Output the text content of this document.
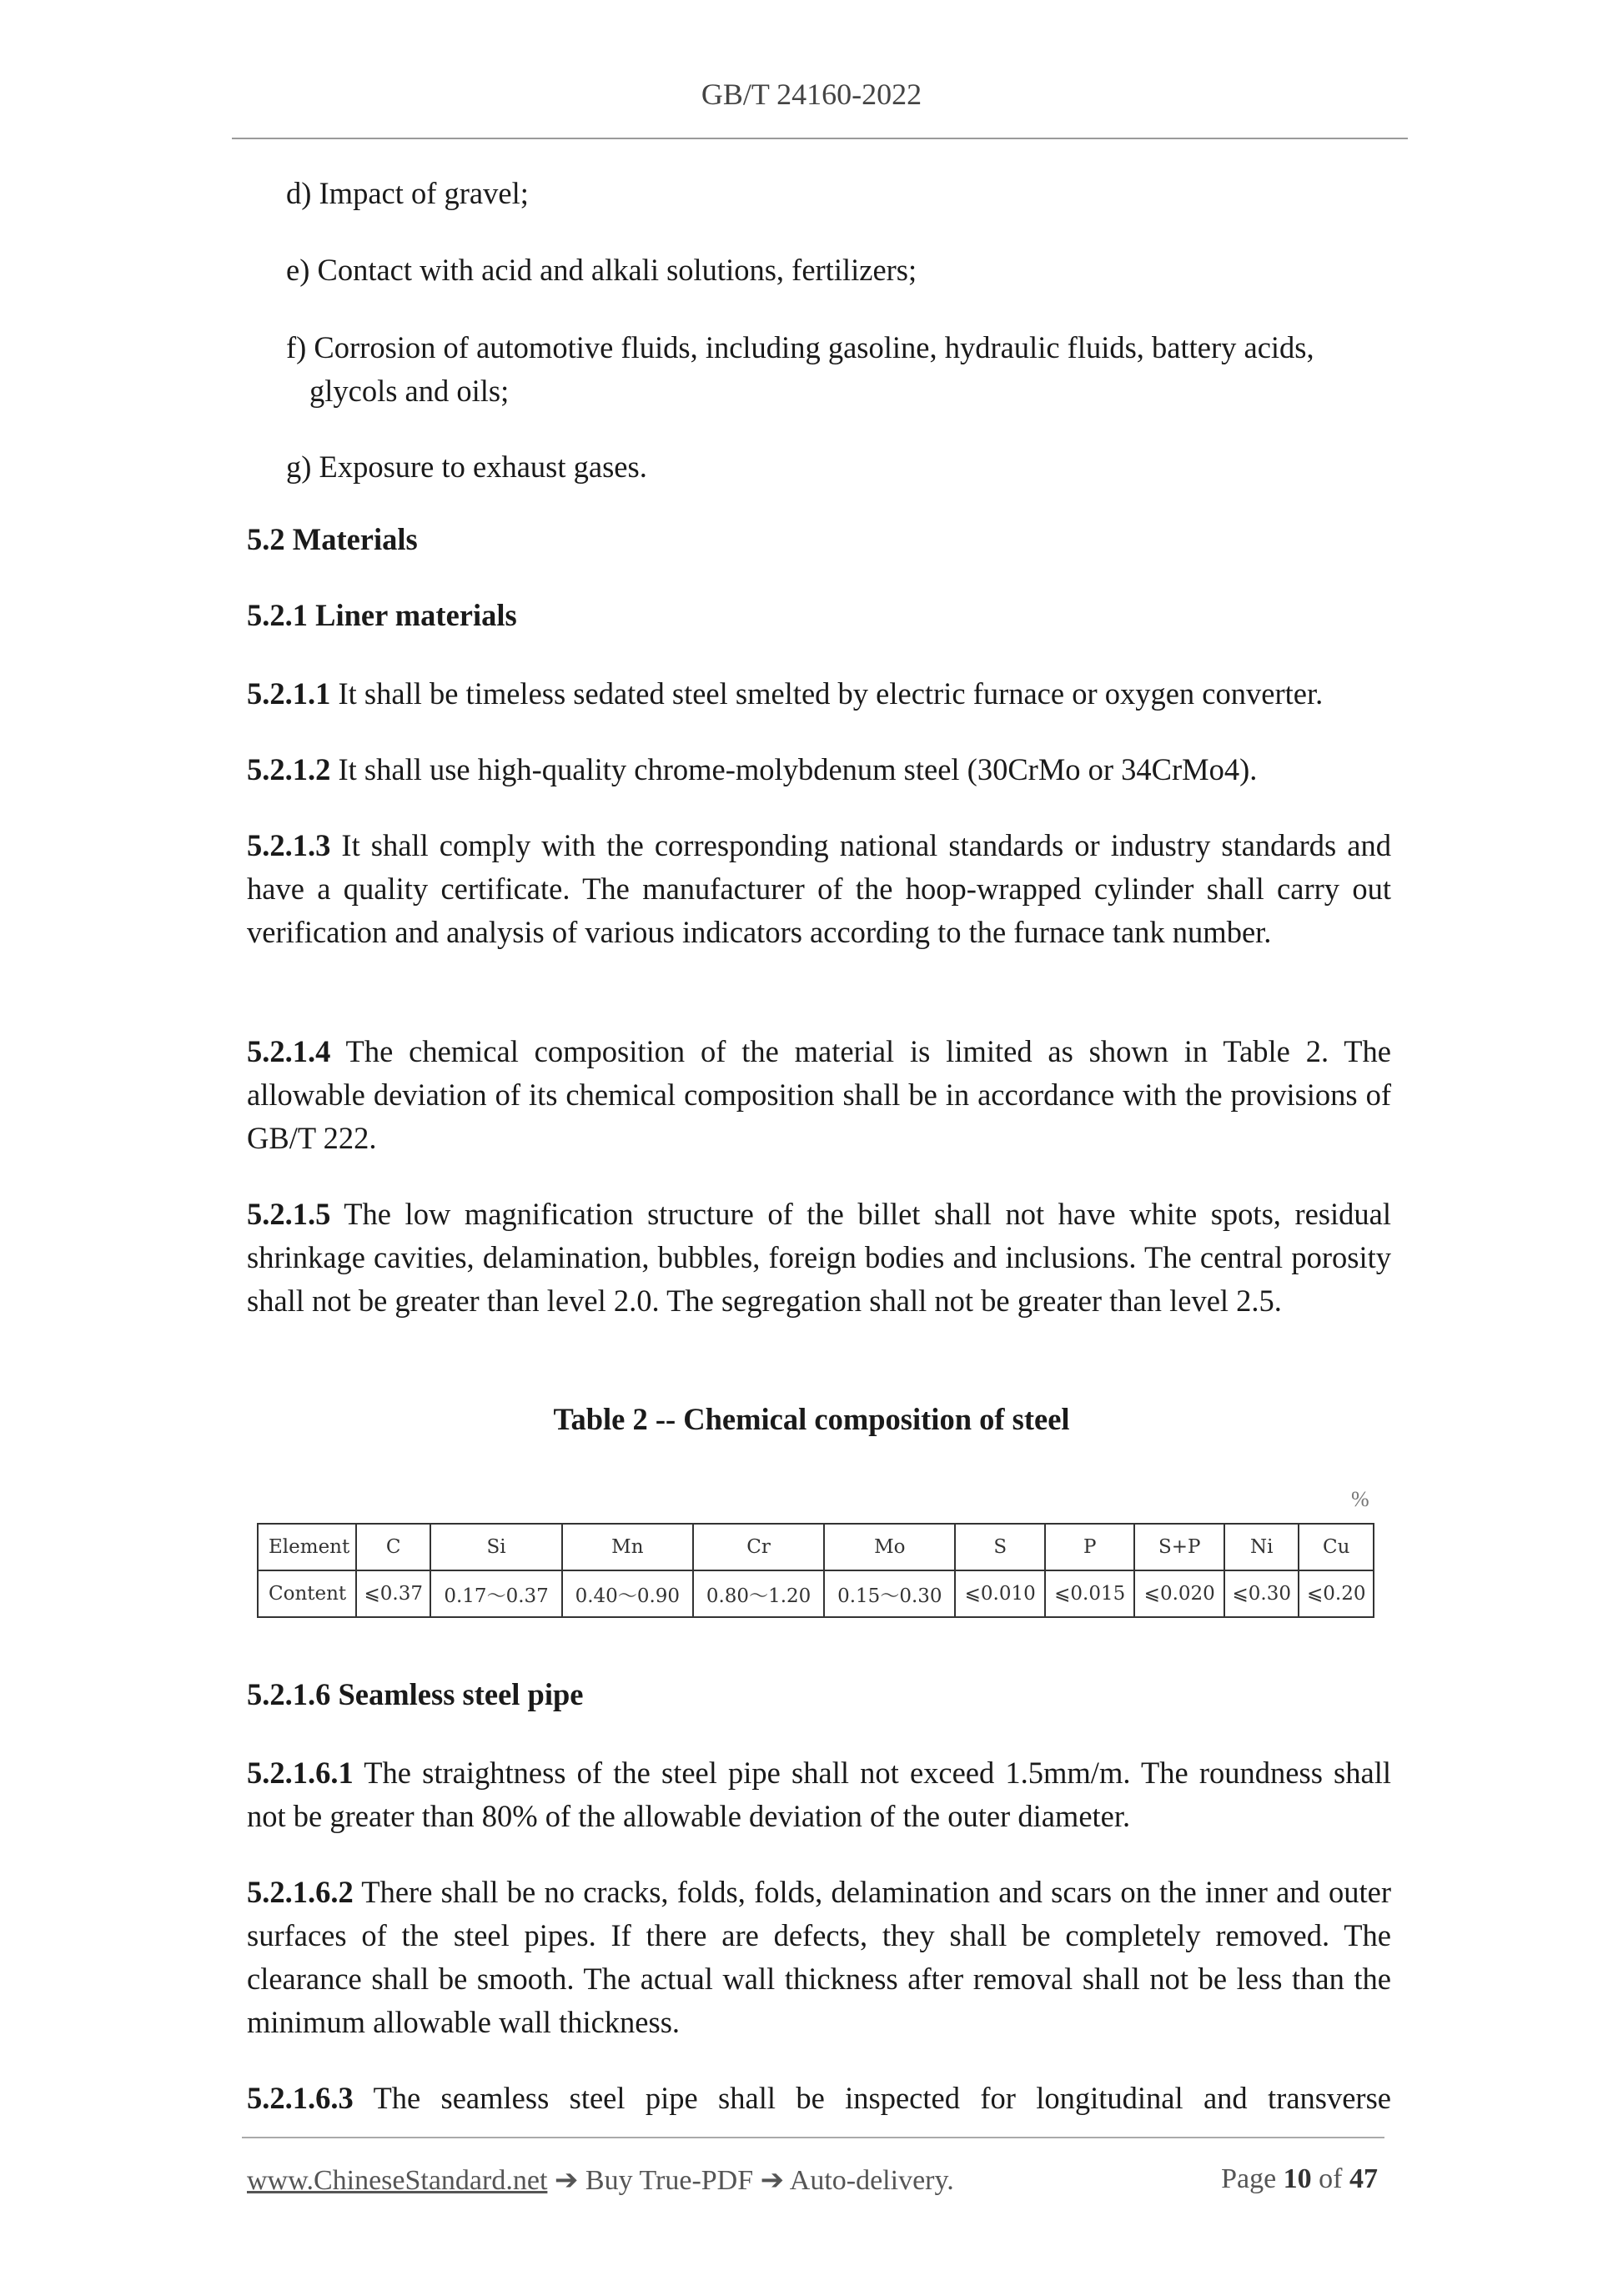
GB/T 24160-2022
d) Impact of gravel;
e) Contact with acid and alkali solutions, fertilizers;
f) Corrosion of automotive fluids, including gasoline, hydraulic fluids, battery acids,
glycols and oils;
g) Exposure to exhaust gases.
5.2 Materials
5.2.1 Liner materials

5.2.1.1 It shall be timeless sedated steel smelted by electric furnace or oxygen converter.

5.2.1.2 It shall use high-quality chrome-molybdenum steel (30CrMo or 34CrMo4).

5.2.1.3 It shall comply with the corresponding national standards or industry standards and have a quality certificate. The manufacturer of the hoop-wrapped cylinder shall carry out verification and analysis of various indicators according to the furnace tank number.

5.2.1.4 The chemical composition of the material is limited as shown in Table 2. The allowable deviation of its chemical composition shall be in accordance with the provisions of GB/T 222.

5.2.1.5 The low magnification structure of the billet shall not have white spots, residual shrinkage cavities, delamination, bubbles, foreign bodies and inclusions. The central porosity shall not be greater than level 2.0. The segregation shall not be greater than level 2.5.

Table 2 -- Chemical composition of steel
%
Element	C	Si	Mn	Cr	Mo	S	P	S+P	Ni	Cu
Content	⩽0.37	0.17～0.37	0.40～0.90	0.80～1.20	0.15～0.30	⩽0.010	⩽0.015	⩽0.020	⩽0.30	⩽0.20
5.2.1.6 Seamless steel pipe

5.2.1.6.1 The straightness of the steel pipe shall not exceed 1.5mm/m. The roundness shall not be greater than 80% of the allowable deviation of the outer diameter.

5.2.1.6.2 There shall be no cracks, folds, folds, delamination and scars on the inner and outer surfaces of the steel pipes. If there are defects, they shall be completely removed. The clearance shall be smooth. The actual wall thickness after removal shall not be less than the minimum allowable wall thickness.

5.2.1.6.3 The seamless steel pipe shall be inspected for longitudinal and transverse

www.ChineseStandard.net ➔ Buy True-PDF ➔ Auto-delivery.	Page 10 of 47
